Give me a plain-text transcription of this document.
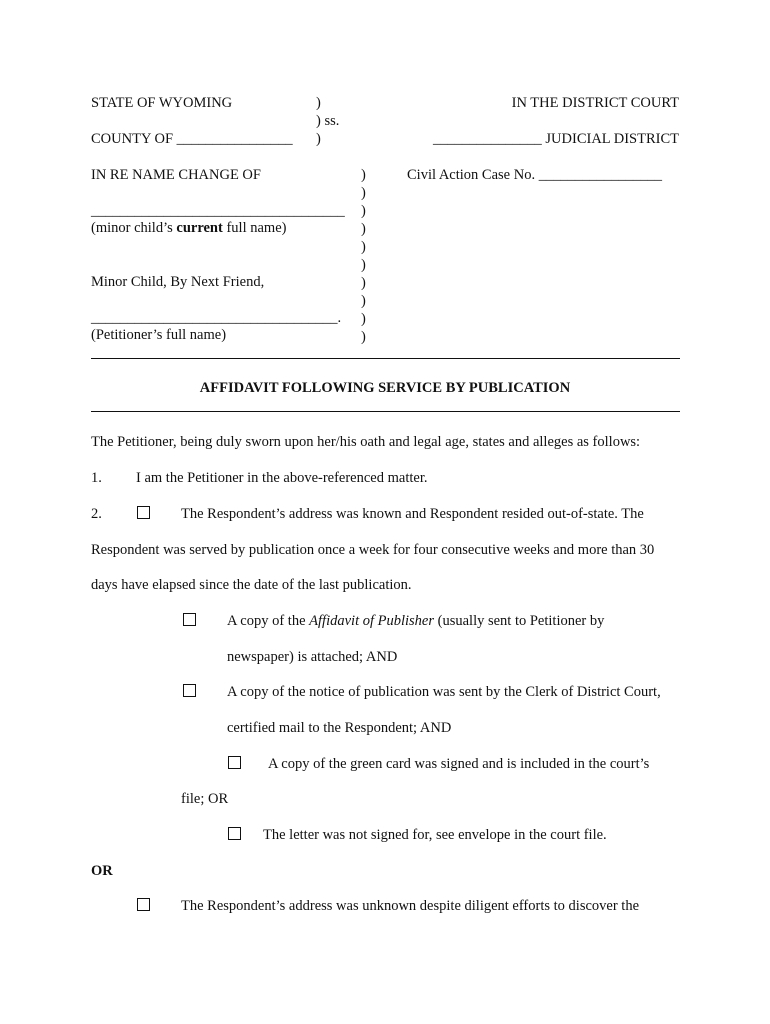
STATE OF WYOMING	)
) ss.
)
IN THE DISTRICT COURT
COUNTY OF ________________	_______________ JUDICIAL DISTRICT
IN RE NAME CHANGE OF	Civil Action Case No. _________________
___________________________________
(minor child’s current full name)
Minor Child, By Next Friend,
__________________________________.
(Petitioner’s full name)
)
)
)
)
)
)
)
)
)
)
AFFIDAVIT FOLLOWING SERVICE BY PUBLICATION
The Petitioner, being duly sworn upon her/his oath and legal age, states and alleges as follows:
1. I am the Petitioner in the above-referenced matter.
2.	The Respondent’s address was known and Respondent resided out-of-state. The
Respondent was served by publication once a week for four consecutive weeks and more than 30
days have elapsed since the date of the last publication.
A copy of the Affidavit of Publisher (usually sent to Petitioner by
newspaper) is attached; AND
A copy of the notice of publication was sent by the Clerk of District Court,
certified mail to the Respondent; AND
A copy of the green card was signed and is included in the court’s
file; OR
The letter was not signed for, see envelope in the court file.
OR
The Respondent’s address was unknown despite diligent efforts to discover the
